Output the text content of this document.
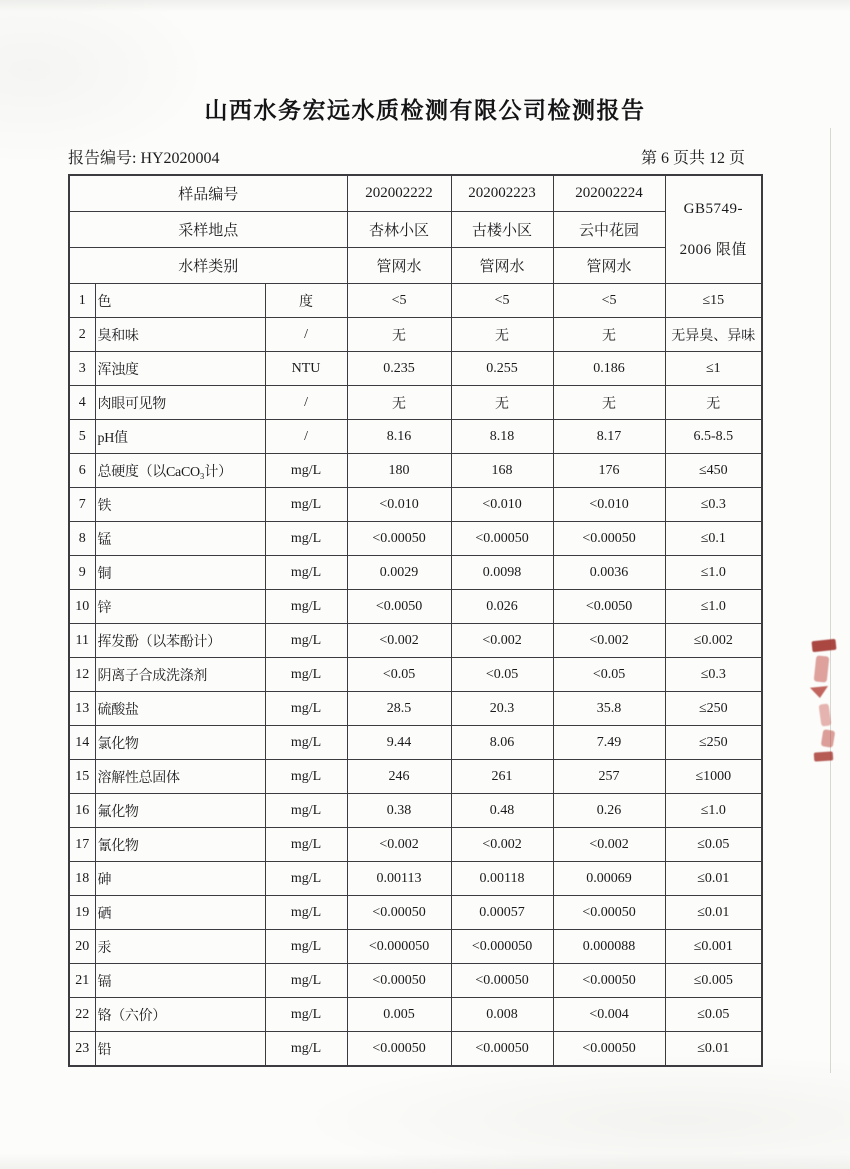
山西水务宏远水质检测有限公司检测报告
报告编号: HY2020004	第 6 页共 12 页
样品编号			202002222	202002223	202002224	GB5749-
2006 限值

采样地点			杏林小区	古楼小区	云中花园	
水样类别			管网水	管网水	管网水	
1	色	度	<5	<5	<5	≤15
2	臭和味	/	无	无	无	无异臭、异味
3	浑浊度	NTU	0.235	0.255	0.186	≤1
4	肉眼可见物	/	无	无	无	无
5	pH值	/	8.16	8.18	8.17	6.5-8.5
6	总硬度（以CaCO₃计）	mg/L	180	168	176	≤450
7	铁	mg/L	<0.010	<0.010	<0.010	≤0.3
8	锰	mg/L	<0.00050	<0.00050	<0.00050	≤0.1
9	铜	mg/L	0.0029	0.0098	0.0036	≤1.0
10	锌	mg/L	<0.0050	0.026	<0.0050	≤1.0
11	挥发酚（以苯酚计）	mg/L	<0.002	<0.002	<0.002	≤0.002
12	阴离子合成洗涤剂	mg/L	<0.05	<0.05	<0.05	≤0.3
13	硫酸盐	mg/L	28.5	20.3	35.8	≤250
14	氯化物	mg/L	9.44	8.06	7.49	≤250
15	溶解性总固体	mg/L	246	261	257	≤1000
16	氟化物	mg/L	0.38	0.48	0.26	≤1.0
17	氰化物	mg/L	<0.002	<0.002	<0.002	≤0.05
18	砷	mg/L	0.00113	0.00118	0.00069	≤0.01
19	硒	mg/L	<0.00050	0.00057	<0.00050	≤0.01
20	汞	mg/L	<0.000050	<0.000050	0.000088	≤0.001
21	镉	mg/L	<0.00050	<0.00050	<0.00050	≤0.005
22	铬（六价）	mg/L	0.005	0.008	<0.004	≤0.05
23	铅	mg/L	<0.00050	<0.00050	<0.00050	≤0.01
